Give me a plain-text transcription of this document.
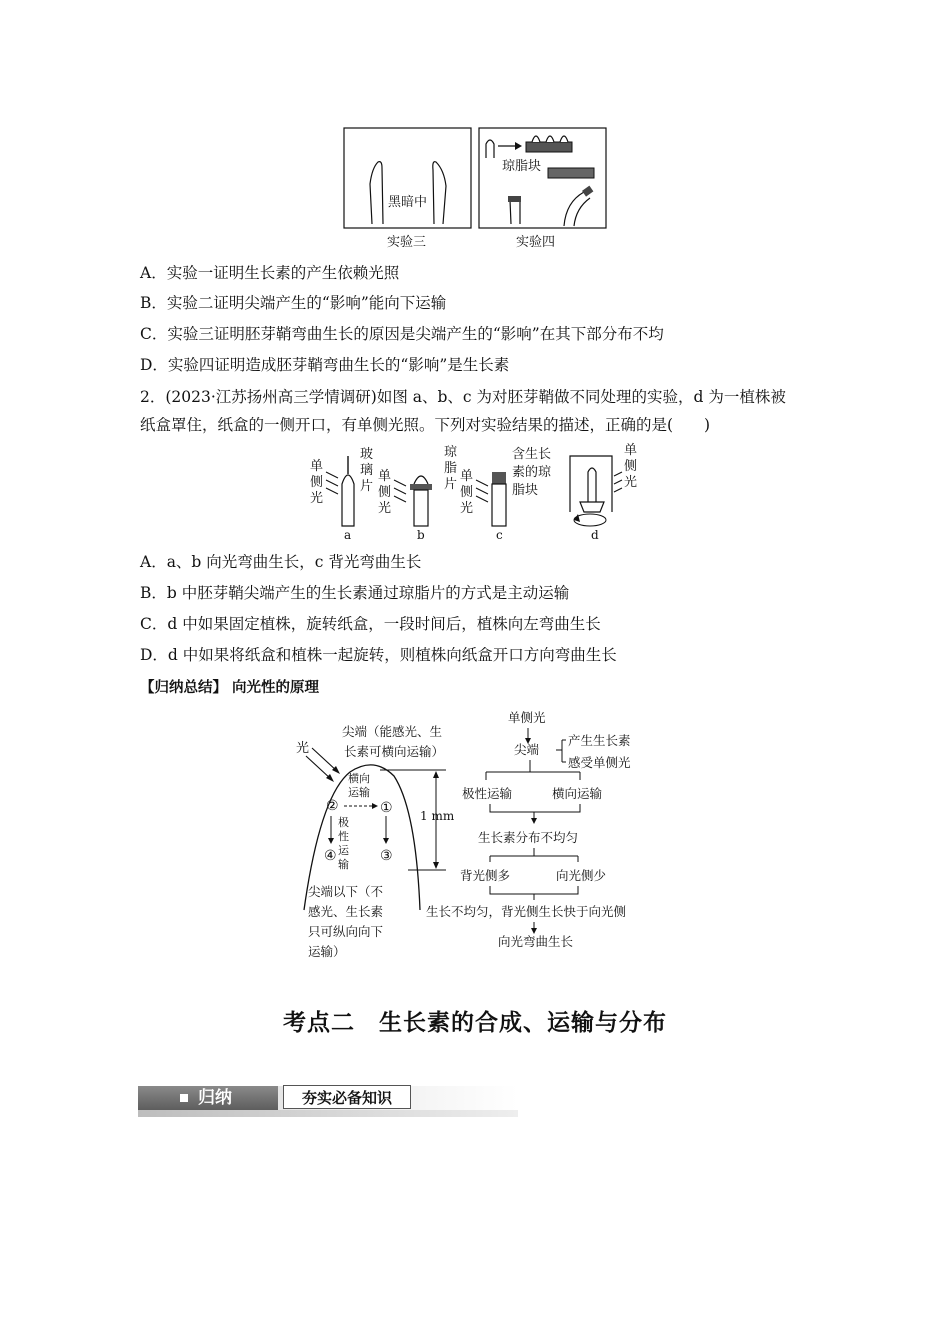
黑暗中
实验三
琼脂块
实验四
A．实验一证明生长素的产生依赖光照
B．实验二证明尖端产生的“影响”能向下运输
C．实验三证明胚芽鞘弯曲生长的原因是尖端产生的“影响”在其下部分布不均
D．实验四证明造成胚芽鞘弯曲生长的“影响”是生长素
2．(2023·江苏扬州高三学情调研)如图 a、b、c 为对胚芽鞘做不同处理的实验，d 为一植株被
纸盒罩住，纸盒的一侧开口，有单侧光照。下列对实验结果的描述，正确的是(　　)
单
侧
光
玻
璃
片
a
单
侧
光
琼
脂
片
b
单
侧
光
含生长
素的琼
脂块
c
单
侧
光
d
A．a、b 向光弯曲生长，c 背光弯曲生长
B．b 中胚芽鞘尖端产生的生长素通过琼脂片的方式是主动运输
C．d 中如果固定植株，旋转纸盒，一段时间后，植株向左弯曲生长
D．d 中如果将纸盒和植株一起旋转，则植株向纸盒开口方向弯曲生长
【归纳总结】 向光性的原理
光
尖端（能感光、生
长素可横向运输）
横向
运输
②	①
极
性
运
输
④	③
尖端以下（不
感光、生长素
只可纵向向下
运输）
1 mm
单侧光
尖端
产生生长素
感受单侧光
极性运输	横向运输
生长素分布不均匀
背光侧多	向光侧少
生长不均匀，背光侧生长快于向光侧
向光弯曲生长
考点二　生长素的合成、运输与分布
归纳	夯实必备知识
